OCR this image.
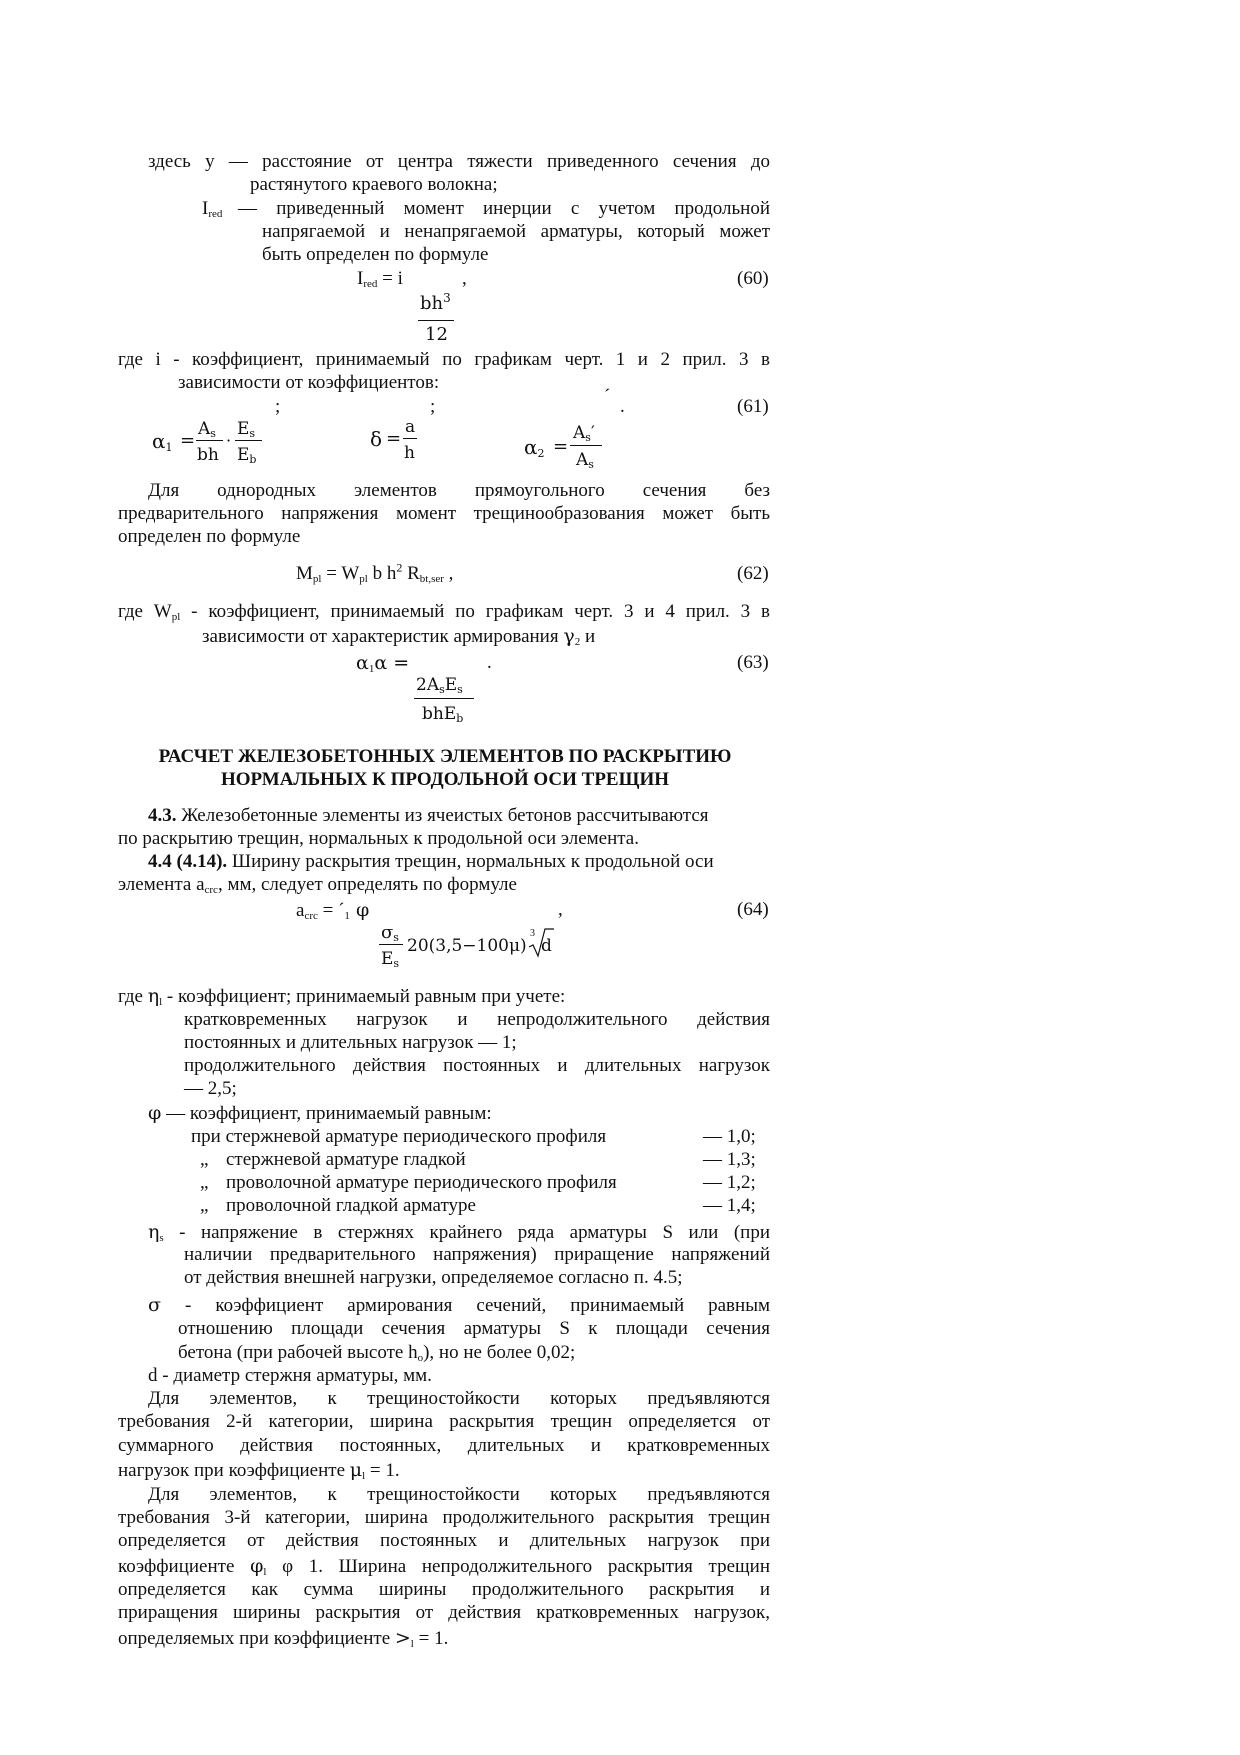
здесь у — расстояние от центра тяжести приведенного сечения до
растянутого краевого волокна;
$I_{red}$ — приведенный момент инерции с учетом продольной
напрягаемой и ненапрягаемой арматуры, который может
быть определен по формуле
$I_{red} = i$	,	(60)
$bh^3$
12
где i - коэффициент, принимаемый по графикам черт. 1 и 2 прил. 3 в
зависимости от коэффициентов:
;	;	´ .	(61)
$\alpha_1$ =
$A_s$
bh
·
$E_s$
$E_b$
δ =
a
h	$\alpha_2$ =
$A_s'$
$A_s$
Для однородных элементов прямоугольного сечения без
предварительного напряжения момент трещинообразования может быть
определен по формуле
$M_{pl} = W_{pl}$ b $h^2$ $R_{bt,ser}$ ,	(62)
где $W_{pl}$ - коэффициент, принимаемый по графикам черт. 3 и 4 прил. 3 в
зависимости от характеристик армирования $\gamma_2$ и
$\alpha_1\alpha$ =	.	(63)
$2A_sE_s$
bhE$_b$
РАСЧЕТ ЖЕЛЕЗОБЕТОННЫХ ЭЛЕМЕНТОВ ПО РАСКРЫТИЮ
НОРМАЛЬНЫХ К ПРОДОЛЬНОЙ ОСИ ТРЕЩИН
4.3. Железобетонные элементы из ячеистых бетонов рассчитываются
по раскрытию трещин, нормальных к продольной оси элемента.
4.4 (4.14). Ширину раскрытия трещин, нормальных к продольной оси
элемента $a_{crc}$, мм, следует определять по формуле
$a_{crc}$ = $´_1$ φ	,	(64)
$\sigma_s$
$E_s$
20(3,5−100μ)
3
d
где $\eta_l$ - коэффициент; принимаемый равным при учете:
кратковременных нагрузок и непродолжительного действия
постоянных и длительных нагрузок — 1;
продолжительного действия постоянных и длительных нагрузок
— 2,5;
φ — коэффициент, принимаемый равным:
при стержневой арматуре периодического профиля	— 1,0;
„ стержневой арматуре гладкой	— 1,3;
„ проволочной арматуре периодического профиля	— 1,2;
„ проволочной гладкой арматуре	— 1,4;
$\eta_s$ - напряжение в стержнях крайнего ряда арматуры S или (при
наличии предварительного напряжения) приращение напряжений
от действия внешней нагрузки, определяемое согласно п. 4.5;
σ - коэффициент армирования сечений, принимаемый равным
отношению площади сечения арматуры S к площади сечения
бетона (при рабочей высоте $h_o$), но не более 0,02;
d - диаметр стержня арматуры, мм.
Для элементов, к трещиностойкости которых предъявляются
требования 2-й категории, ширина раскрытия трещин определяется от
суммарного действия постоянных, длительных и кратковременных
нагрузок при коэффициенте $\mu_l = 1$.
Для элементов, к трещиностойкости которых предъявляются
требования 3-й категории, ширина продолжительного раскрытия трещин
определяется от действия постоянных и длительных нагрузок при
коэффициенте $\varphi_l$ φ 1. Ширина непродолжительного раскрытия трещин
определяется как сумма ширины продолжительного раскрытия и
приращения ширины раскрытия от действия кратковременных нагрузок,
определяемых при коэффициенте $>_l = 1$.
